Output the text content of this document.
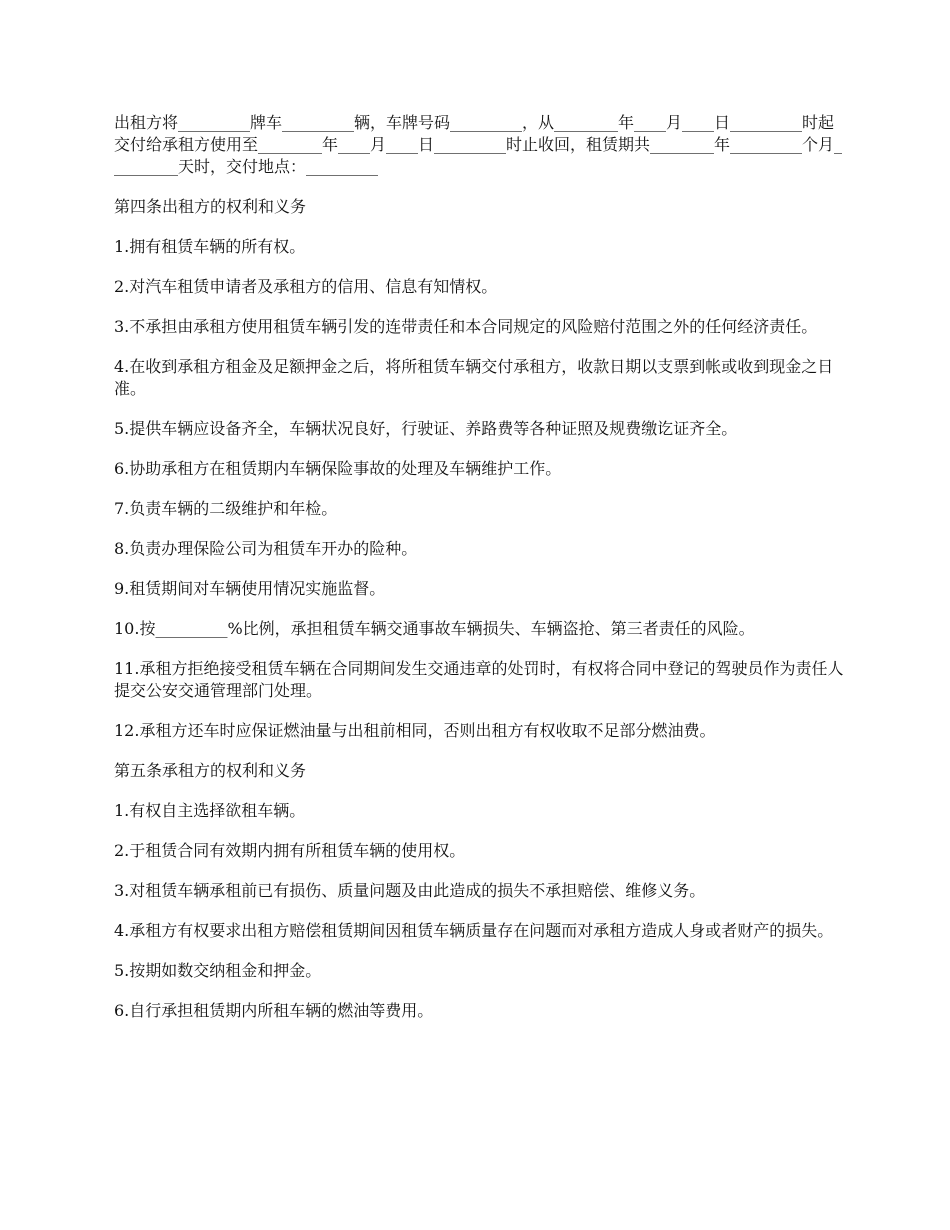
出租方将_________牌车_________辆，车牌号码_________，从________年____月____日_________时起交付给承租方使用至________年____月____日_________时止收回，租赁期共________年_________个月_________天时，交付地点：_________

第四条出租方的权利和义务

1.拥有租赁车辆的所有权。

2.对汽车租赁申请者及承租方的信用、信息有知情权。

3.不承担由承租方使用租赁车辆引发的连带责任和本合同规定的风险赔付范围之外的任何经济责任。

4.在收到承租方租金及足额押金之后，将所租赁车辆交付承租方，收款日期以支票到帐或收到现金之日准。

5.提供车辆应设备齐全，车辆状况良好，行驶证、养路费等各种证照及规费缴讫证齐全。

6.协助承租方在租赁期内车辆保险事故的处理及车辆维护工作。

7.负责车辆的二级维护和年检。

8.负责办理保险公司为租赁车开办的险种。

9.租赁期间对车辆使用情况实施监督。

10.按_________%比例，承担租赁车辆交通事故车辆损失、车辆盗抢、第三者责任的风险。

11.承租方拒绝接受租赁车辆在合同期间发生交通违章的处罚时，有权将合同中登记的驾驶员作为责任人提交公安交通管理部门处理。

12.承租方还车时应保证燃油量与出租前相同，否则出租方有权收取不足部分燃油费。

第五条承租方的权利和义务

1.有权自主选择欲租车辆。

2.于租赁合同有效期内拥有所租赁车辆的使用权。

3.对租赁车辆承租前已有损伤、质量问题及由此造成的损失不承担赔偿、维修义务。

4.承租方有权要求出租方赔偿租赁期间因租赁车辆质量存在问题而对承租方造成人身或者财产的损失。

5.按期如数交纳租金和押金。

6.自行承担租赁期内所租车辆的燃油等费用。
